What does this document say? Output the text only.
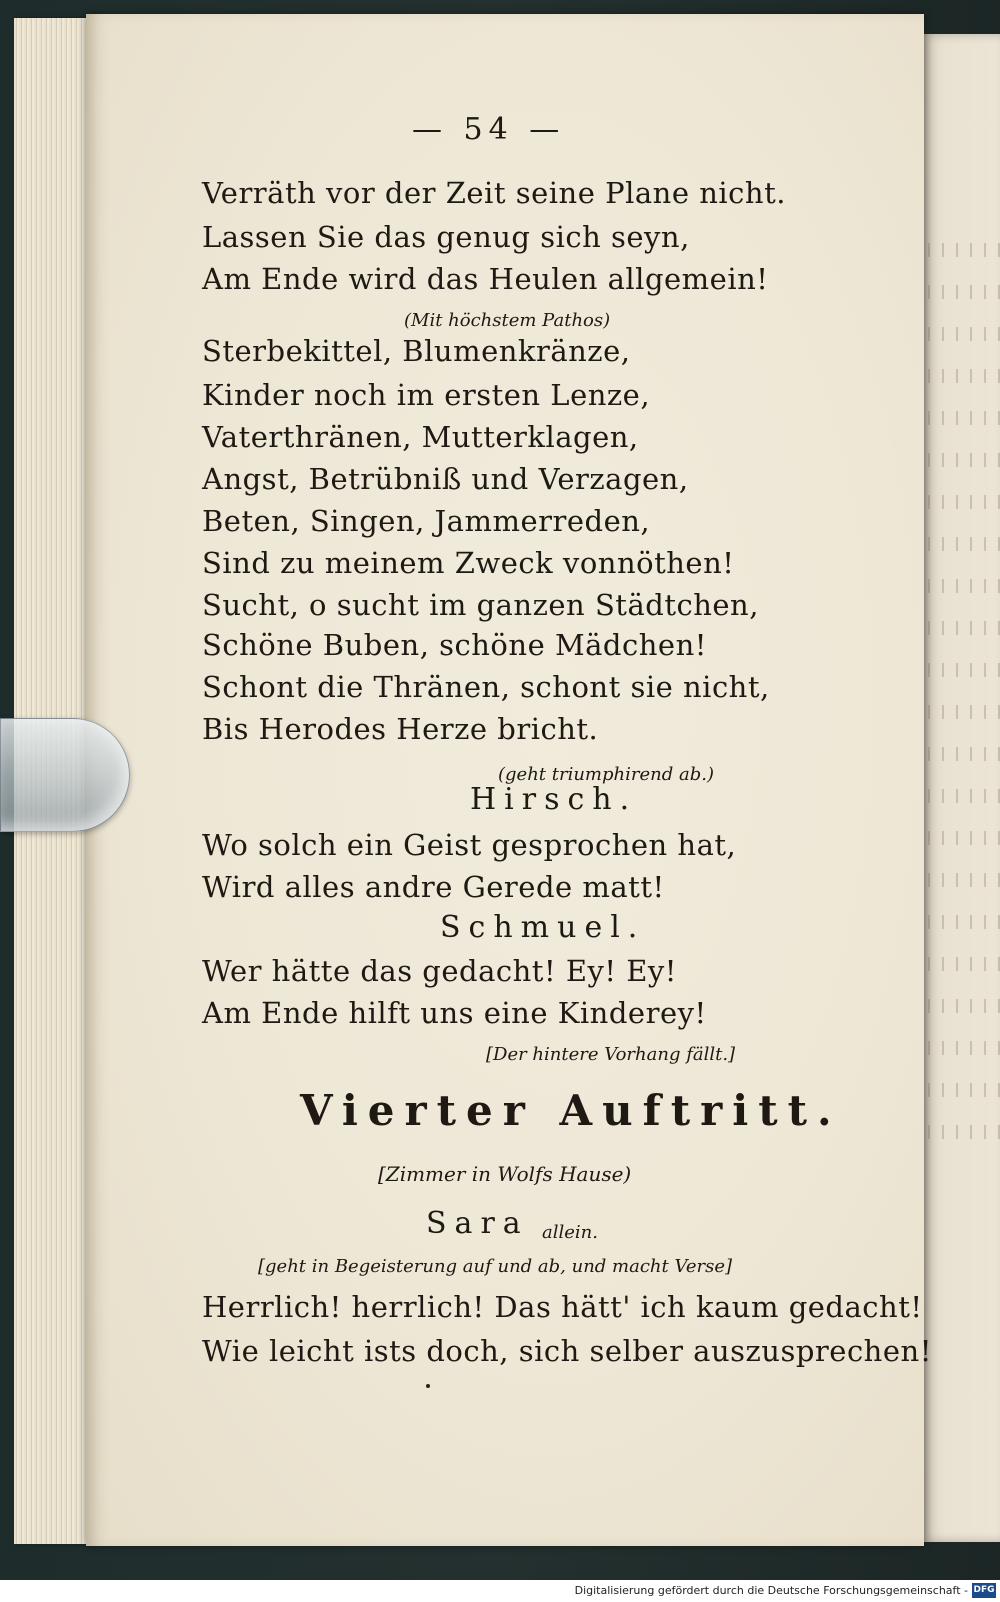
— 54 —
Verräth vor der Zeit seine Plane nicht.
Lassen Sie das genug sich seyn,
Am Ende wird das Heulen allgemein!
(Mit höchstem Pathos)
Sterbekittel, Blumenkränze,
Kinder noch im ersten Lenze,
Vaterthränen, Mutterklagen,
Angst, Betrübniß und Verzagen,
Beten, Singen, Jammerreden,
Sind zu meinem Zweck vonnöthen!
Sucht, o sucht im ganzen Städtchen,
Schöne Buben, schöne Mädchen!
Schont die Thränen, schont sie nicht,
Bis Herodes Herze bricht.
(geht triumphirend ab.)
Hirsch.
Wo solch ein Geist gesprochen hat,
Wird alles andre Gerede matt!
Schmuel.
Wer hätte das gedacht! Ey! Ey!
Am Ende hilft uns eine Kinderey!
[Der hintere Vorhang fällt.]
Vierter Auftritt.
[Zimmer in Wolfs Hause)
Sara allein.
[geht in Begeisterung auf und ab, und macht Verse]
Herrlich! herrlich! Das hätt' ich kaum gedacht!
Wie leicht ists doch, sich selber auszusprechen!
Digitalisierung gefördert durch die Deutsche Forschungsgemeinschaft - DFG
